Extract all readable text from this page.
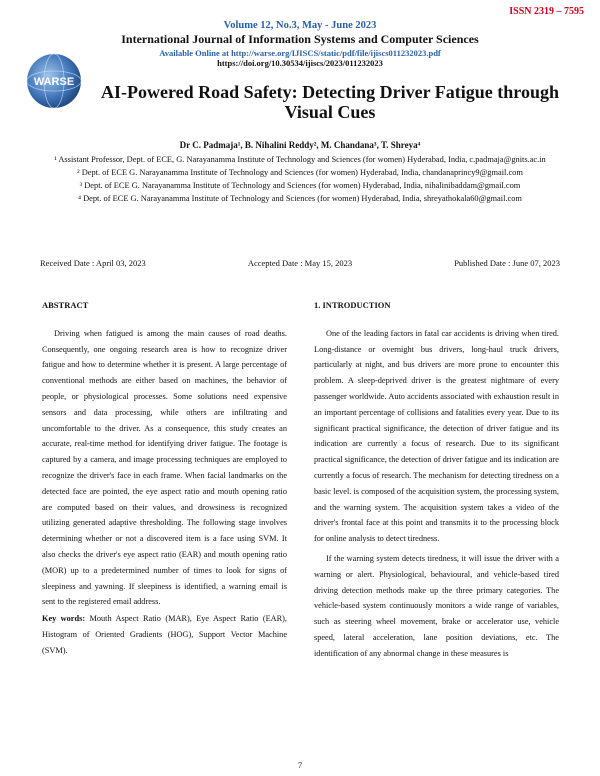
ISSN 2319 – 7595
Volume 12, No.3, May - June 2023
International Journal of Information Systems and Computer Sciences
Available Online at http://warse.org/IJISCS/static/pdf/file/ijiscs011232023.pdf
https://doi.org/10.30534/ijiscs/2023/011232023
WARSE	AI-Powered Road Safety: Detecting Driver Fatigue through Visual Cues
Dr C. Padmaja¹, B. Nihalini Reddy², M. Chandana³, T. Shreya⁴
¹ Assistant Professor, Dept. of ECE, G. Narayanamma Institute of Technology and Sciences (for women) Hyderabad, India, c.padmaja@gnits.ac.in
² Dept. of ECE G. Narayanamma Institute of Technology and Sciences (for women) Hyderabad, India, chandanaprincy9@gmail.com
³ Dept. of ECE G. Narayanamma Institute of Technology and Sciences (for women) Hyderabad, India, nihalinibaddam@gmail.com
⁴ Dept. of ECE G. Narayanamma Institute of Technology and Sciences (for women) Hyderabad, India, shreyathokala60@gmail.com
Received Date : April 03, 2023	Accepted Date : May 15, 2023	Published Date : June 07, 2023
ABSTRACT

Driving when fatigued is among the main causes of road deaths. Consequently, one ongoing research area is how to recognize driver fatigue and how to determine whether it is present. A large percentage of conventional methods are either based on machines, the behavior of people, or physiological processes. Some solutions need expensive sensors and data processing, while others are infiltrating and uncomfortable to the driver. As a consequence, this study creates an accurate, real-time method for identifying driver fatigue. The footage is captured by a camera, and image processing techniques are employed to recognize the driver's face in each frame. When facial landmarks on the detected face are pointed, the eye aspect ratio and mouth opening ratio are computed based on their values, and drowsiness is recognized utilizing generated adaptive thresholding. The following stage involves determining whether or not a discovered item is a face using SVM. It also checks the driver's eye aspect ratio (EAR) and mouth opening ratio (MOR) up to a predetermined number of times to look for signs of sleepiness and yawning. If sleepiness is identified, a warning email is sent to the registered email address.

Key words: Mouth Aspect Ratio (MAR), Eye Aspect Ratio (EAR), Histogram of Oriented Gradients (HOG), Support Vector Machine (SVM).

1. INTRODUCTION

One of the leading factors in fatal car accidents is driving when tired. Long-distance or overnight bus drivers, long-haul truck drivers, particularly at night, and bus drivers are more prone to encounter this problem. A sleep-deprived driver is the greatest nightmare of every passenger worldwide. Auto accidents associated with exhaustion result in an important percentage of collisions and fatalities every year. Due to its significant practical significance, the detection of driver fatigue and its indication are currently a focus of research. Due to its significant practical significance, the detection of driver fatigue and its indication are currently a focus of research. The mechanism for detecting tiredness on a basic level. is composed of the acquisition system, the processing system, and the warning system. The acquisition system takes a video of the driver's frontal face at this point and transmits it to the processing block for online analysis to detect tiredness.

If the warning system detects tiredness, it will issue the driver with a warning or alert. Physiological, behavioural, and vehicle-based tired driving detection methods make up the three primary categories. The vehicle-based system continuously monitors a wide range of variables, such as steering wheel movement, brake or accelerator use, vehicle speed, lateral acceleration, lane position deviations, etc. The identification of any abnormal change in these measures is

7
